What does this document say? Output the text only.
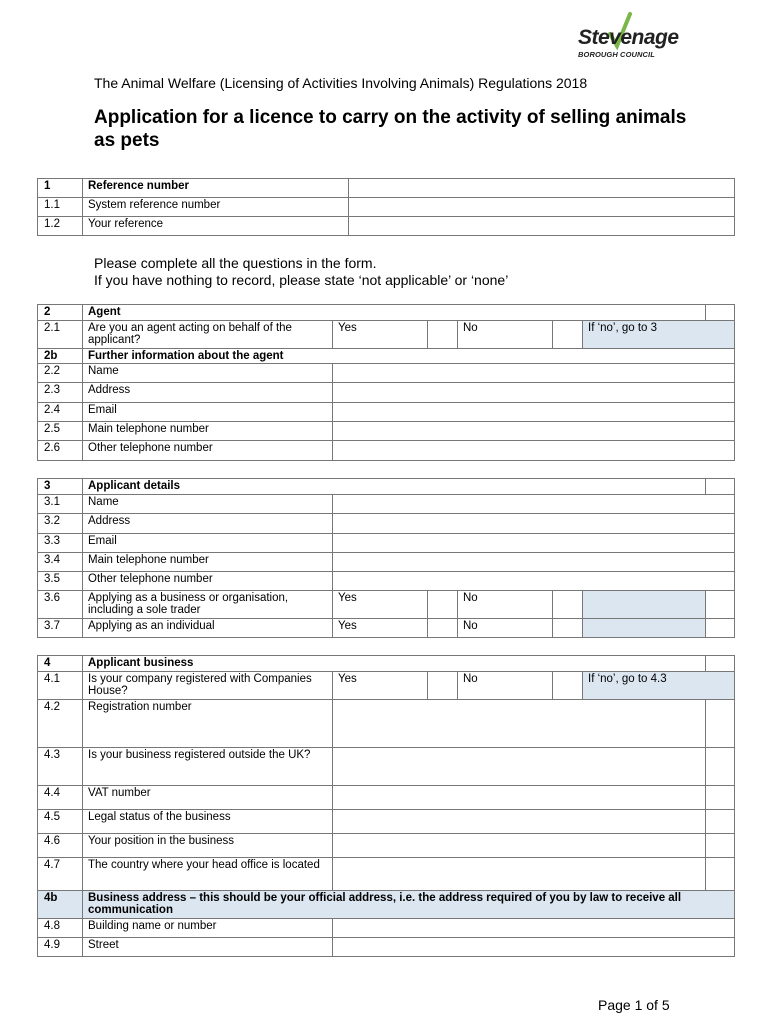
Stevenage
BOROUGH COUNCIL
The Animal Welfare (Licensing of Activities Involving Animals) Regulations 2018
Application for a licence to carry on the activity of selling animals as pets
1	Reference number	
1.1	System reference number	
1.2	Your reference	
Please complete all the questions in the form.
If you have nothing to record, please state ‘not applicable’ or ‘none’
2	Agent						
2.1	Are you an agent acting on behalf of the applicant?	Yes		No		If ‘no’, go to 3	
2b	Further information about the agent						
2.2	Name						
2.3	Address						
2.4	Email						
2.5	Main telephone number						
2.6	Other telephone number						
3	Applicant details						
3.1	Name						
3.2	Address						
3.3	Email						
3.4	Main telephone number						
3.5	Other telephone number						
3.6	Applying as a business or organisation, including a sole trader	Yes		No			
3.7	Applying as an individual	Yes		No			
4	Applicant business						
4.1	Is your company registered with Companies House?	Yes		No		If ‘no’, go to 4.3	
4.2	Registration number						
4.3	Is your business registered outside the UK?						
4.4	VAT number						
4.5	Legal status of the business						
4.6	Your position in the business						
4.7	The country where your head office is located						
4b	Business address – this should be your official address, i.e. the address required of you by law to receive all communication						
4.8	Building name or number						
4.9	Street						
Page 1 of 5
